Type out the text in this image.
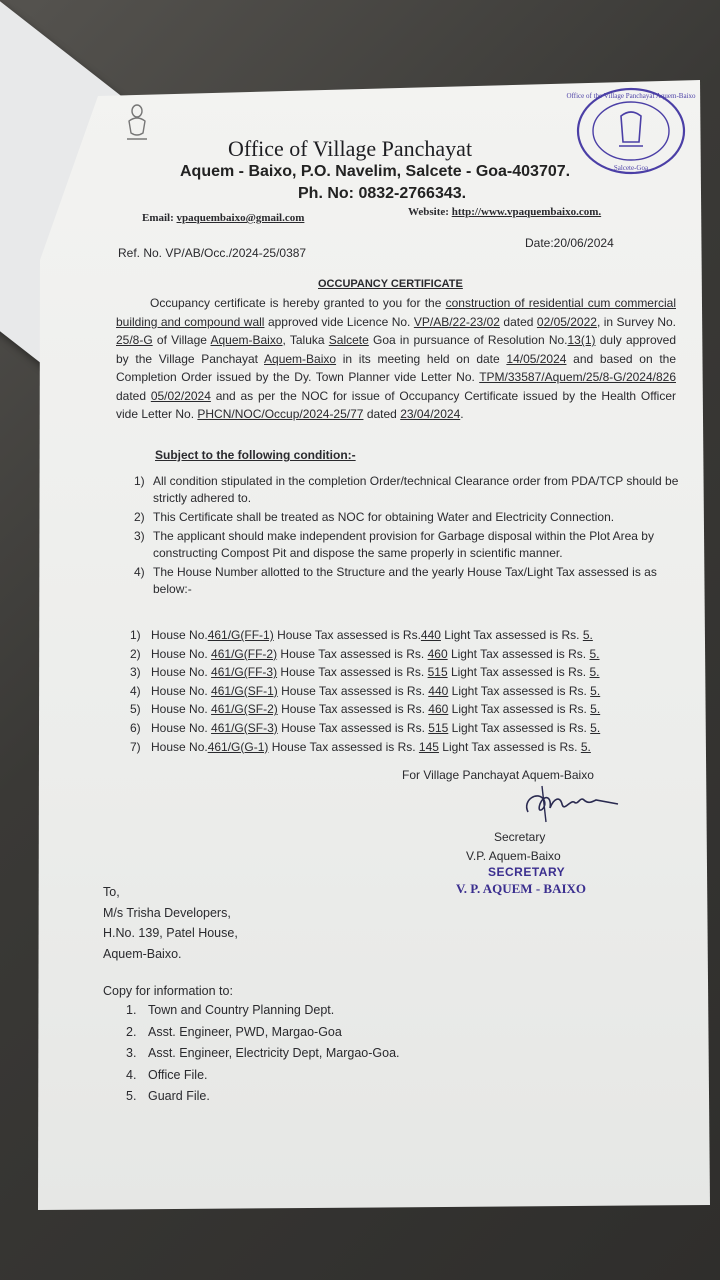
Office of Village Panchayat
Aquem - Baixo, P.O. Navelim, Salcete - Goa-403707.
Ph. No: 0832-2766343.
Email: vpaquembaixo@gmail.com	Website: http://www.vpaquembaixo.com.
Office of the Village Panchayat Aquem-Baixo
Salcete-Goa
Ref. No. VP/AB/Occ./2024-25/0387
Date:20/06/2024
OCCUPANCY CERTIFICATE
Occupancy certificate is hereby granted to you for the construction of residential cum commercial building and compound wall approved vide Licence No. VP/AB/22-23/02 dated 02/05/2022, in Survey No. 25/8-G of Village Aquem-Baixo, Taluka Salcete Goa in pursuance of Resolution No.13(1) duly approved by the Village Panchayat Aquem-Baixo in its meeting held on date 14/05/2024 and based on the Completion Order issued by the Dy. Town Planner vide Letter No. TPM/33587/Aquem/25/8-G/2024/826 dated 05/02/2024 and as per the NOC for issue of Occupancy Certificate issued by the Health Officer vide Letter No. PHCN/NOC/Occup/2024-25/77 dated 23/04/2024.
Subject to the following condition:-
1) All condition stipulated in the completion Order/technical Clearance order from PDA/TCP should be strictly adhered to.
2) This Certificate shall be treated as NOC for obtaining Water and Electricity Connection.
3) The applicant should make independent provision for Garbage disposal within the Plot Area by constructing Compost Pit and dispose the same properly in scientific manner.
4) The House Number allotted to the Structure and the yearly House Tax/Light Tax assessed is as below:-
1) House No.461/G(FF-1) House Tax assessed is Rs.440 Light Tax assessed is Rs. 5.
2) House No. 461/G(FF-2) House Tax assessed is Rs. 460 Light Tax assessed is Rs. 5.
3) House No. 461/G(FF-3) House Tax assessed is Rs. 515 Light Tax assessed is Rs. 5.
4) House No. 461/G(SF-1) House Tax assessed is Rs. 440 Light Tax assessed is Rs. 5.
5) House No. 461/G(SF-2) House Tax assessed is Rs. 460 Light Tax assessed is Rs. 5.
6) House No. 461/G(SF-3) House Tax assessed is Rs. 515 Light Tax assessed is Rs. 5.
7) House No.461/G(G-1) House Tax assessed is Rs. 145 Light Tax assessed is Rs. 5.
For Village Panchayat Aquem-Baixo
Secretary
V.P. Aquem-Baixo
SECRETARY
V. P. AQUEM - BAIXO
To,
M/s Trisha Developers,
H.No. 139, Patel House,
Aquem-Baixo.
Copy for information to:
1. Town and Country Planning Dept.
2. Asst. Engineer, PWD, Margao-Goa
3. Asst. Engineer, Electricity Dept, Margao-Goa.
4. Office File.
5. Guard File.
